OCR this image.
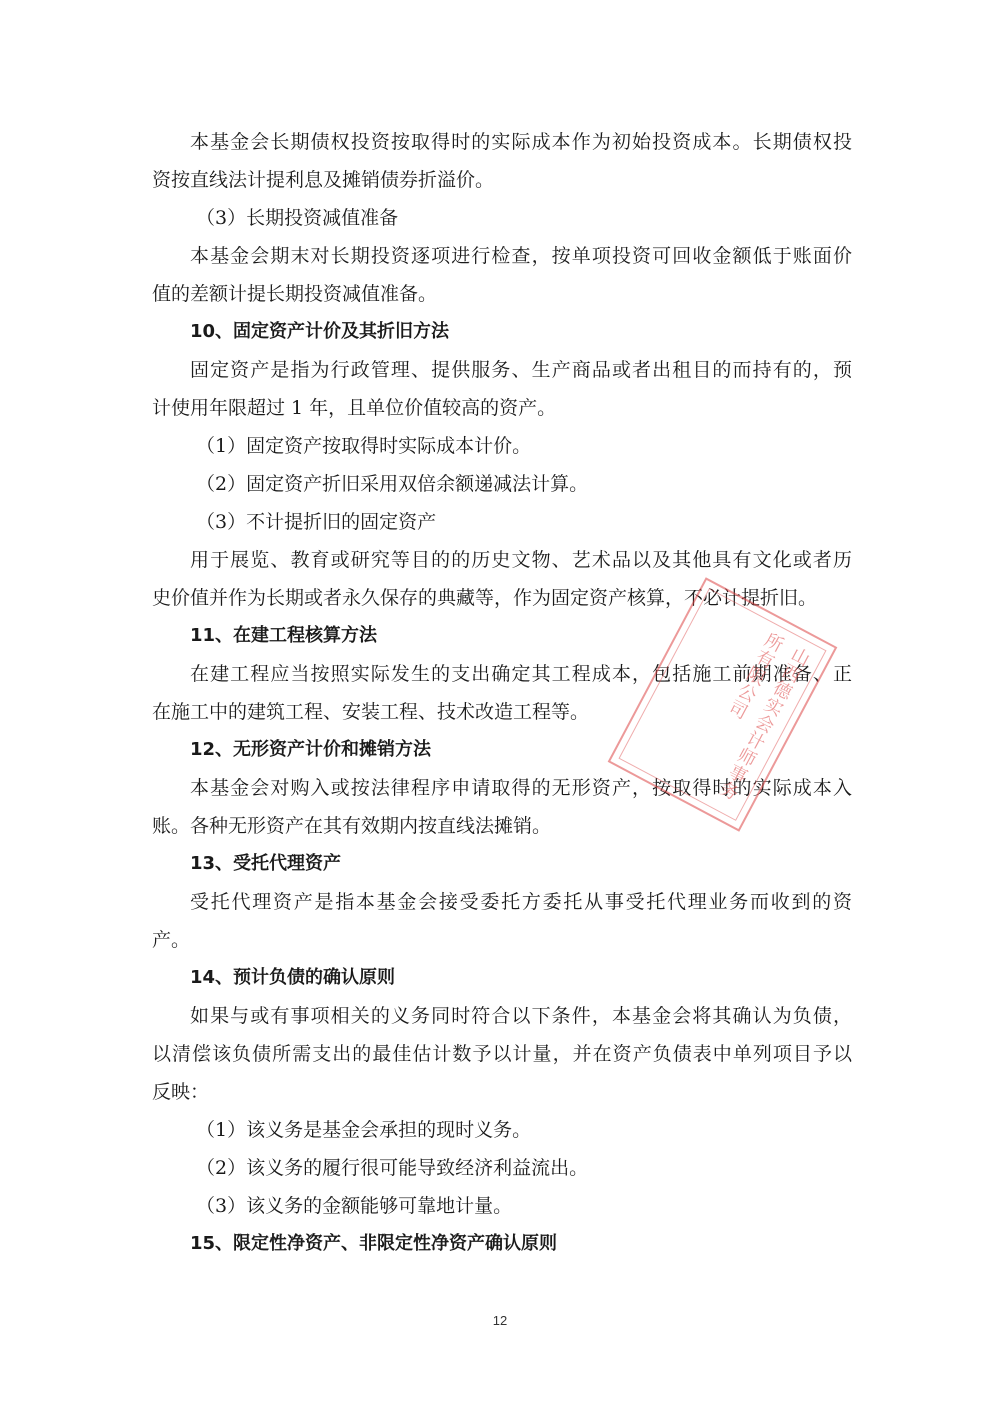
本基金会长期债权投资按取得时的实际成本作为初始投资成本。长期债权投
资按直线法计提利息及摊销债券折溢价。
（3）长期投资减值准备
本基金会期末对长期投资逐项进行检查，按单项投资可回收金额低于账面价
值的差额计提长期投资减值准备。
10、固定资产计价及其折旧方法
固定资产是指为行政管理、提供服务、生产商品或者出租目的而持有的，预
计使用年限超过 1 年，且单位价值较高的资产。
（1）固定资产按取得时实际成本计价。
（2）固定资产折旧采用双倍余额递减法计算。
（3）不计提折旧的固定资产
用于展览、教育或研究等目的的历史文物、艺术品以及其他具有文化或者历
史价值并作为长期或者永久保存的典藏等，作为固定资产核算，不必计提折旧。
11、在建工程核算方法
在建工程应当按照实际发生的支出确定其工程成本，包括施工前期准备、正
在施工中的建筑工程、安装工程、技术改造工程等。
12、无形资产计价和摊销方法
本基金会对购入或按法律程序申请取得的无形资产，按取得时的实际成本入
账。各种无形资产在其有效期内按直线法摊销。
13、受托代理资产
受托代理资产是指本基金会接受委托方委托从事受托代理业务而收到的资
产。
14、预计负债的确认原则
如果与或有事项相关的义务同时符合以下条件，本基金会将其确认为负债，
以清偿该负债所需支出的最佳估计数予以计量，并在资产负债表中单列项目予以
反映：
（1）该义务是基金会承担的现时义务。
（2）该义务的履行很可能导致经济利益流出。
（3）该义务的金额能够可靠地计量。
15、限定性净资产、非限定性净资产确认原则
山西德实会计师事务所有限公司
12
